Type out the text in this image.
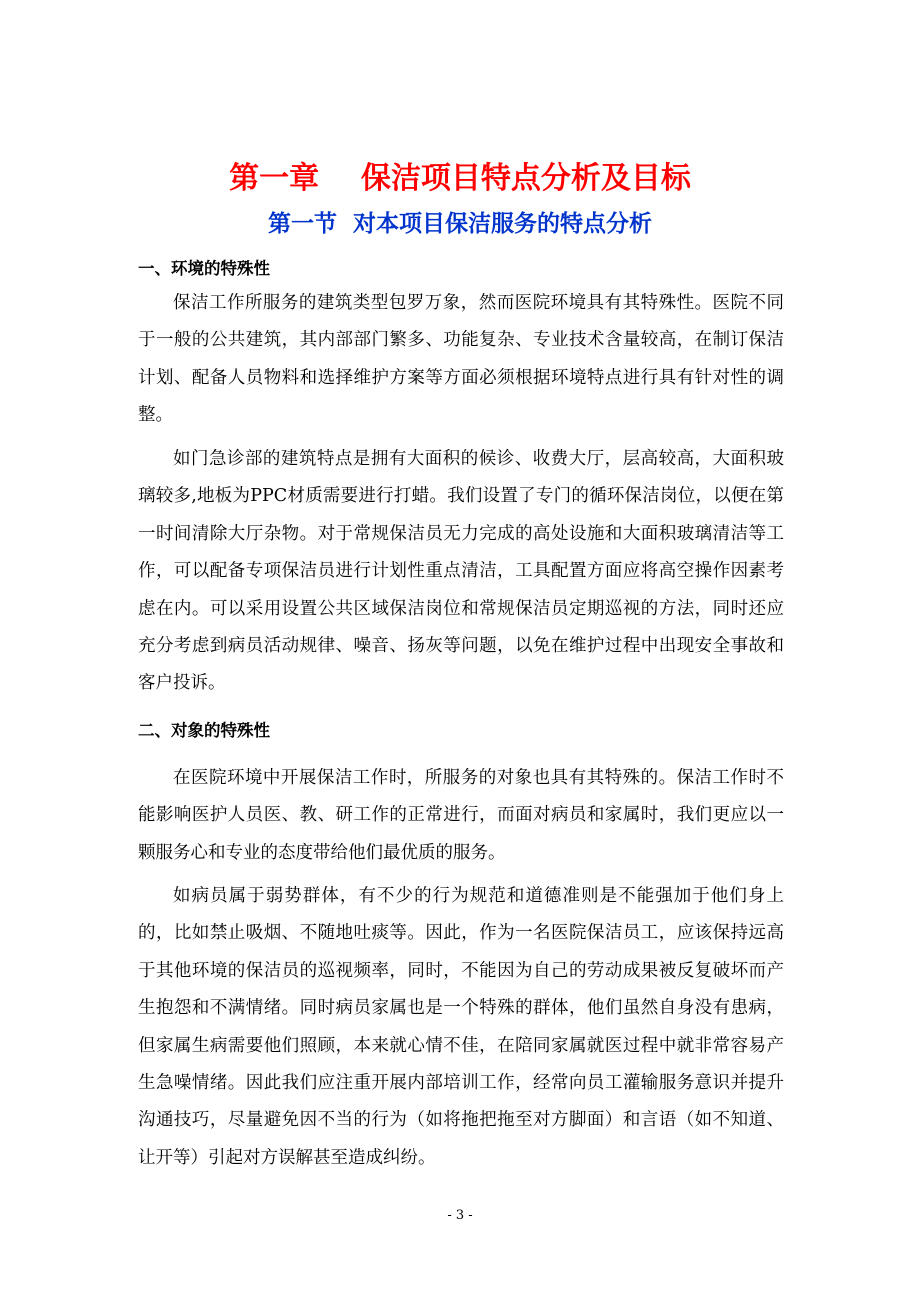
第一章    保洁项目特点分析及目标
第一节  对本项目保洁服务的特点分析
一、环境的特殊性

保洁工作所服务的建筑类型包罗万象，然而医院环境具有其特殊性。医院不同于一般的公共建筑，其内部部门繁多、功能复杂、专业技术含量较高，在制订保洁计划、配备人员物料和选择维护方案等方面必须根据环境特点进行具有针对性的调整。

如门急诊部的建筑特点是拥有大面积的候诊、收费大厅，层高较高，大面积玻璃较多,地板为PPC材质需要进行打蜡。我们设置了专门的循环保洁岗位，以便在第一时间清除大厅杂物。对于常规保洁员无力完成的高处设施和大面积玻璃清洁等工作，可以配备专项保洁员进行计划性重点清洁，工具配置方面应将高空操作因素考虑在内。可以采用设置公共区域保洁岗位和常规保洁员定期巡视的方法，同时还应充分考虑到病员活动规律、噪音、扬灰等问题，以免在维护过程中出现安全事故和客户投诉。

二、对象的特殊性

在医院环境中开展保洁工作时，所服务的对象也具有其特殊的。保洁工作时不能影响医护人员医、教、研工作的正常进行，而面对病员和家属时，我们更应以一颗服务心和专业的态度带给他们最优质的服务。

如病员属于弱势群体，有不少的行为规范和道德准则是不能强加于他们身上的，比如禁止吸烟、不随地吐痰等。因此，作为一名医院保洁员工，应该保持远高于其他环境的保洁员的巡视频率，同时，不能因为自己的劳动成果被反复破坏而产生抱怨和不满情绪。同时病员家属也是一个特殊的群体，他们虽然自身没有患病，但家属生病需要他们照顾，本来就心情不佳，在陪同家属就医过程中就非常容易产生急噪情绪。因此我们应注重开展内部培训工作，经常向员工灌输服务意识并提升沟通技巧，尽量避免因不当的行为（如将拖把拖至对方脚面）和言语（如不知道、让开等）引起对方误解甚至造成纠纷。

- 3 -
